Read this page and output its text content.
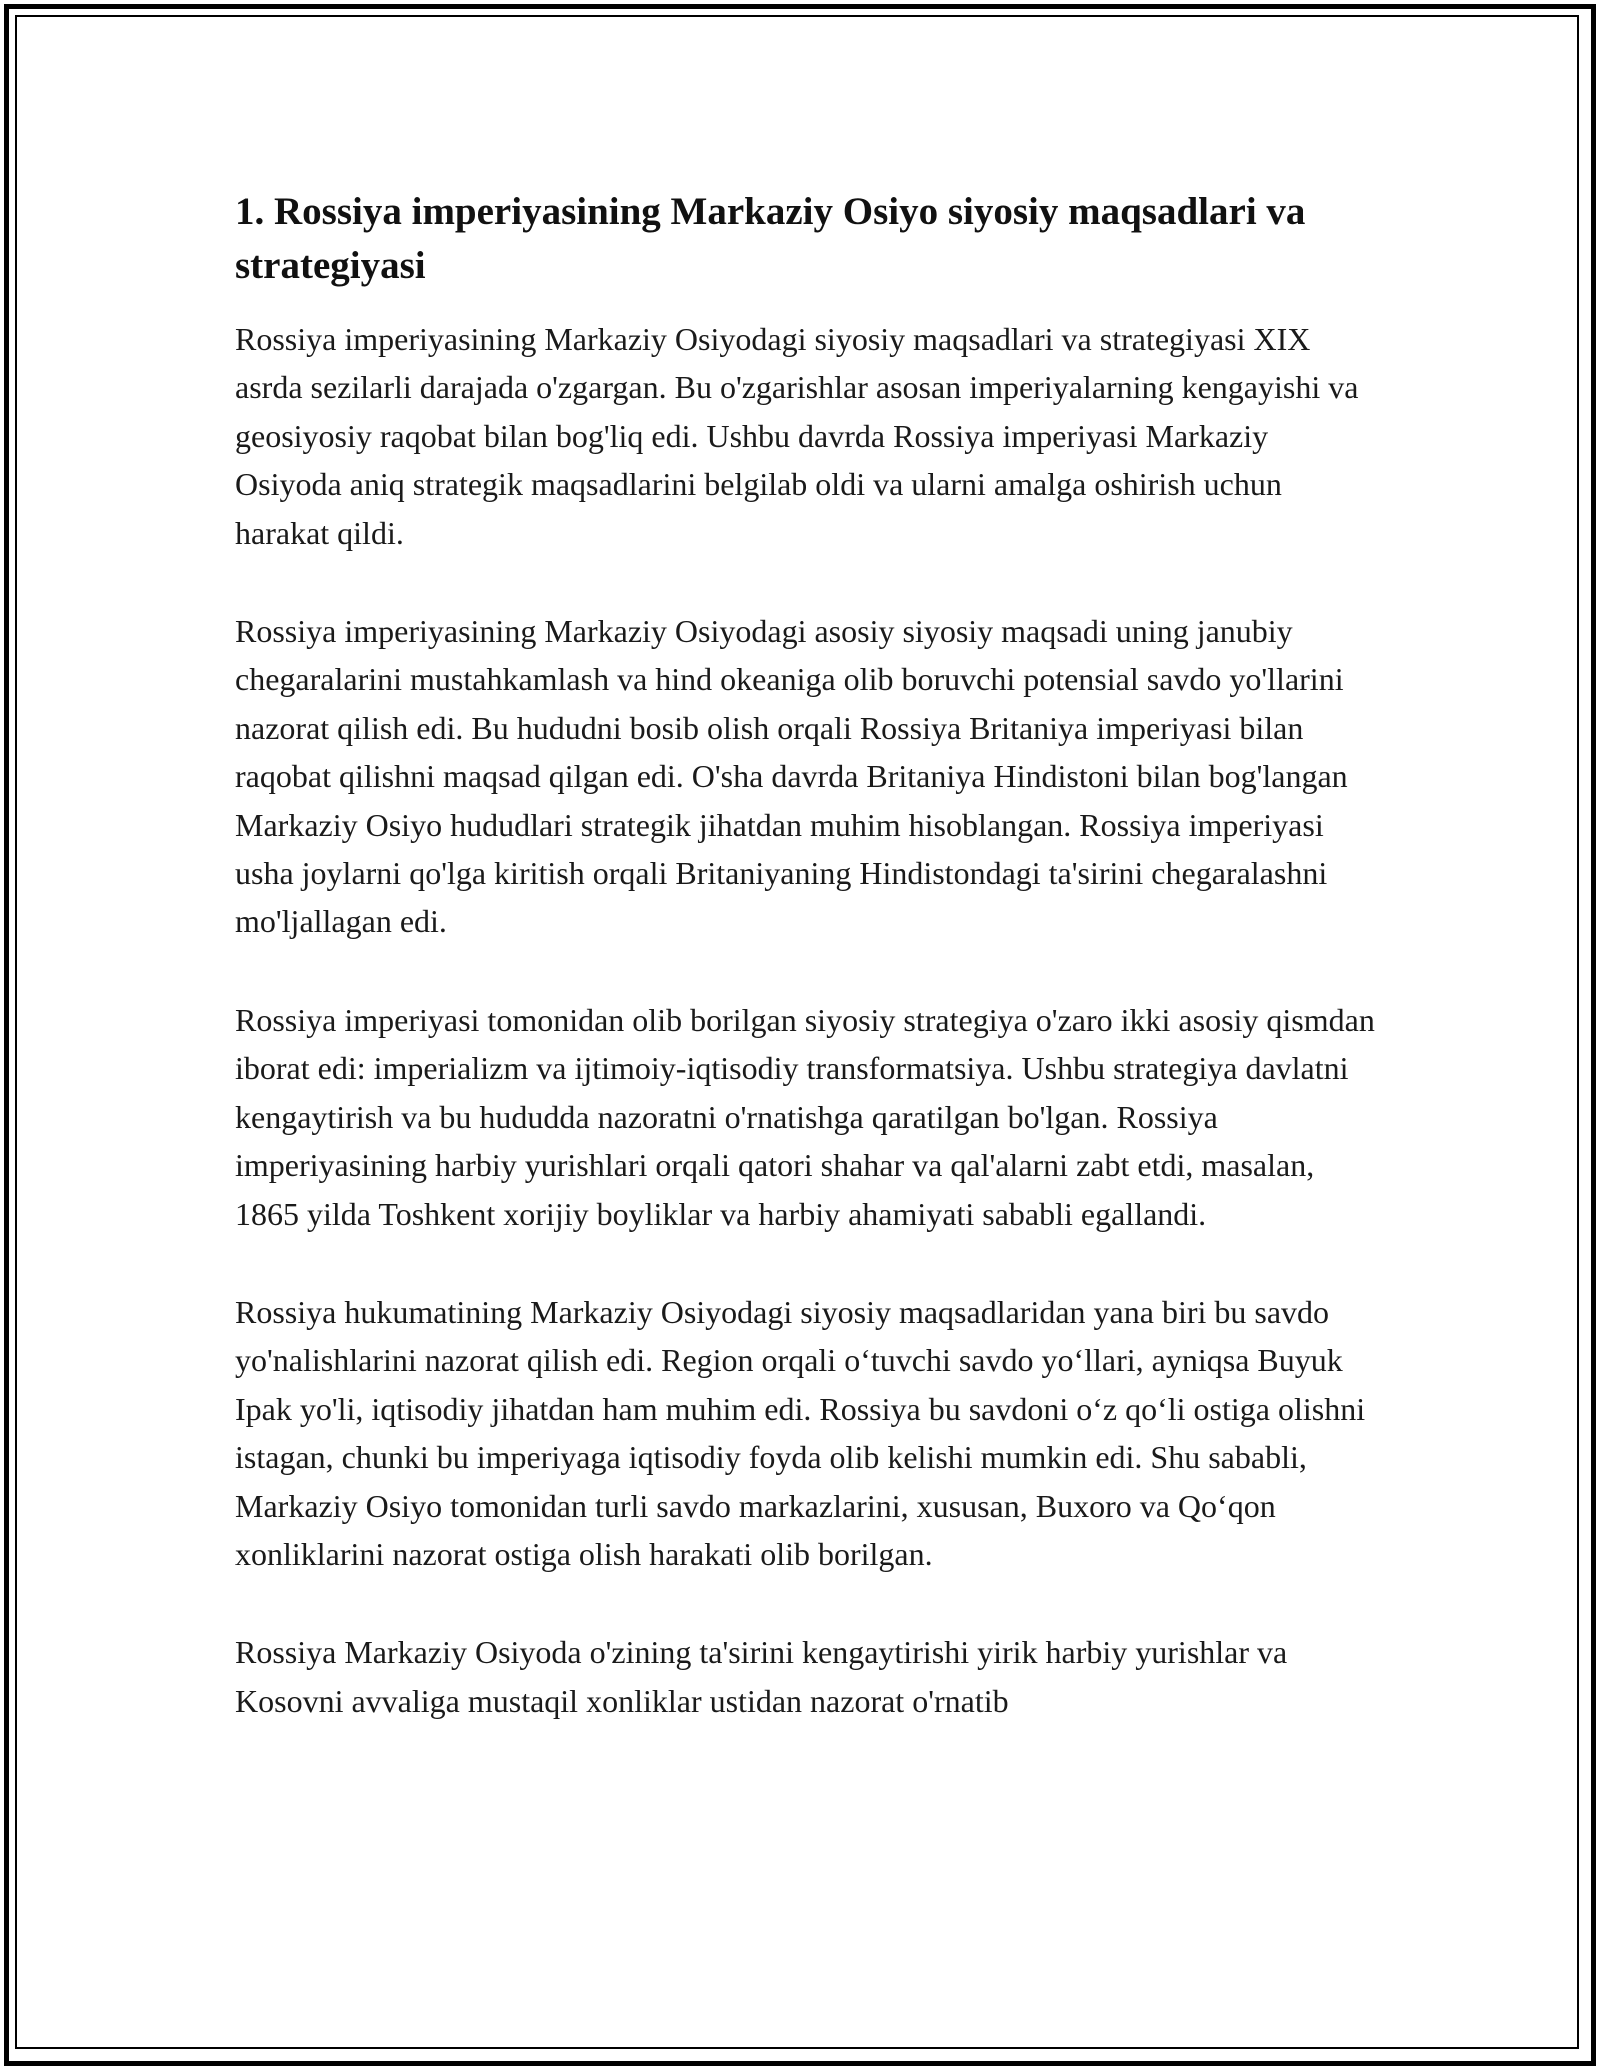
1. Rossiya imperiyasining Markaziy Osiyo siyosiy maqsadlari va strategiyasi

Rossiya imperiyasining Markaziy Osiyodagi siyosiy maqsadlari va strategiyasi XIX asrda sezilarli darajada o'zgargan. Bu o'zgarishlar asosan imperiyalarning kengayishi va geosiyosiy raqobat bilan bog'liq edi. Ushbu davrda Rossiya imperiyasi Markaziy Osiyoda aniq strategik maqsadlarini belgilab oldi va ularni amalga oshirish uchun harakat qildi.

Rossiya imperiyasining Markaziy Osiyodagi asosiy siyosiy maqsadi uning janubiy chegaralarini mustahkamlash va hind okeaniga olib boruvchi potensial savdo yo'llarini nazorat qilish edi. Bu hududni bosib olish orqali Rossiya Britaniya imperiyasi bilan raqobat qilishni maqsad qilgan edi. O'sha davrda Britaniya Hindistoni bilan bog'langan Markaziy Osiyo hududlari strategik jihatdan muhim hisoblangan. Rossiya imperiyasi usha joylarni qo'lga kiritish orqali Britaniyaning Hindistondagi ta'sirini chegaralashni mo'ljallagan edi.

Rossiya imperiyasi tomonidan olib borilgan siyosiy strategiya o'zaro ikki asosiy qismdan iborat edi: imperializm va ijtimoiy-iqtisodiy transformatsiya. Ushbu strategiya davlatni kengaytirish va bu hududda nazoratni o'rnatishga qaratilgan bo'lgan. Rossiya imperiyasining harbiy yurishlari orqali qatori shahar va qal'alarni zabt etdi, masalan, 1865 yilda Toshkent xorijiy boyliklar va harbiy ahamiyati sababli egallandi.

Rossiya hukumatining Markaziy Osiyodagi siyosiy maqsadlaridan yana biri bu savdo yo'nalishlarini nazorat qilish edi. Region orqali o‘tuvchi savdo yo‘llari, ayniqsa Buyuk Ipak yo'li, iqtisodiy jihatdan ham muhim edi. Rossiya bu savdoni o‘z qo‘li ostiga olishni istagan, chunki bu imperiyaga iqtisodiy foyda olib kelishi mumkin edi. Shu sababli, Markaziy Osiyo tomonidan turli savdo markazlarini, xususan, Buxoro va Qo‘qon xonliklarini nazorat ostiga olish harakati olib borilgan.

Rossiya Markaziy Osiyoda o'zining ta'sirini kengaytirishi yirik harbiy yurishlar va Kosovni avvaliga mustaqil xonliklar ustidan nazorat o'rnatib
